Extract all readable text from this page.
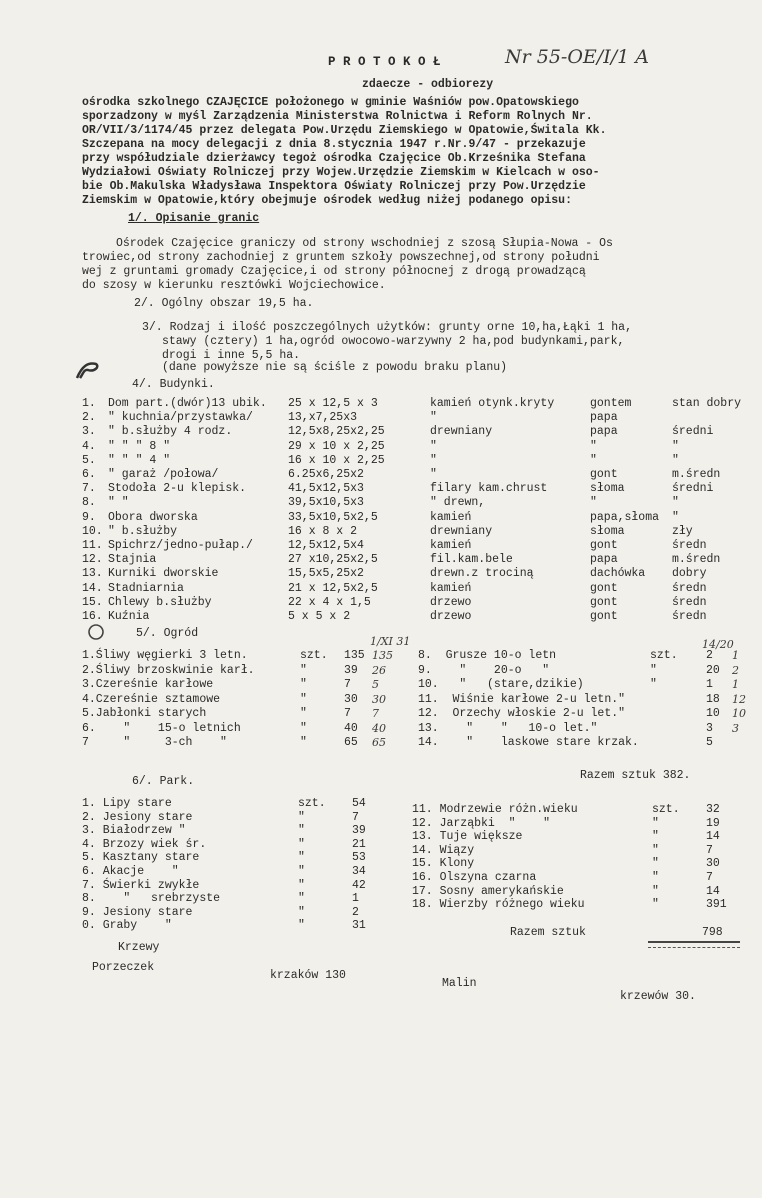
P R O T O K O Ł	Nr 55-OE/I/1 A
zdaecze - odbiorezy
ośrodka szkolnego CZAJĘCICE położonego w gminie Waśniów pow.Opatowskiego
sporzadzony w myśl Zarządzenia Ministerstwa Rolnictwa i Reform Rolnych Nr.
OR/VII/3/1174/45 przez delegata Pow.Urzędu Ziemskiego w Opatowie,Świtala Kk.
Szczepana na mocy delegacji z dnia 8.stycznia 1947 r.Nr.9/47 - przekazuje
przy współudziale dzierżawcy tegoż ośrodka Czajęcice Ob.Krześnika Stefana
Wydziałowi Oświaty Rolniczej przy Wojew.Urzędzie Ziemskim w Kielcach w oso-
bie Ob.Makulska Władysława Inspektora Oświaty Rolniczej przy Pow.Urzędzie
Ziemskim w Opatowie,który obejmuje ośrodek według niżej podanego opisu:
1/. Opisanie granic
Ośrodek Czajęcice graniczy od strony wschodniej z szosą Słupia-Nowa - Os
trowiec,od strony zachodniej z gruntem szkoły powszechnej,od strony południ
wej z gruntami gromady Czajęcice,i od strony północnej z drogą prowadzącą
do szosy w kierunku resztówki Wojciechowice.
2/. Ogólny obszar 19,5 ha.
3/. Rodzaj i ilość poszczególnych użytków: grunty orne 10,ha,Łąki 1 ha,
stawy (cztery) 1 ha,ogród owocowo-warzywny 2 ha,pod budynkami,park,
drogi i inne 5,5 ha.
(dane powyższe nie są ściśle z powodu braku planu)
4/. Budynki.
1. Dom part.(dwór)13 ubik. 25 x 12,5 x 3	kamień otynk.kryty	gontem	stan dobry
2. " kuchnia/przystawka/	13,x7,25x3	"	papa
3. " b.służby 4 rodz.	12,5x8,25x2,25	drewniany	papa	średni
4. " " " 8 "	29 x 10 x 2,25	"	"	"
5. " " " 4 "	16 x 10 x 2,25	"	"	"
6. " garaż /połowa/	6.25x6,25x2	"	gont	m.średn
7. Stodoła 2-u klepisk.	41,5x12,5x3	filary kam.chrust	słoma	średni
8. " "	39,5x10,5x3	" drewn,	"	"
9. Obora dworska	33,5x10,5x2,5	kamień	papa,słoma "
10. " b.służby	16 x 8 x 2	drewniany	słoma	zły
11. Spichrz/jedno-pułap./	12,5x12,5x4	kamień	gont	średn
12. Stajnia	27 x10,25x2,5	fil.kam.bele	papa	m.średn
13. Kurniki dworskie	15,5x5,25x2	drewn.z trociną	dachówka dobry
14. Stadniarnia	21 x 12,5x2,5	kamień	gont	średn
15. Chlewy b.służby	22 x 4 x 1,5	drzewo	gont	średn
16. Kuźnia	5 x 5 x 2	drzewo	gont	średn
5/. Ogród
1/XI 31	14/20
1.Śliwy węgierki 3 letn.	szt. 135 135
2.Śliwy brzoskwinie karł.	"	39 26
3.Czereśnie karłowe	"	7 5
4.Czereśnie sztamowe	"	30 30
5.Jabłonki starych	"	7 7
6.    "    15-o letnich	"	40 40
7     "     3-ch    "	"	65 65
8.  Grusze 10-o letn	szt. 2 1
9.    "    20-o   "	"	20 2
10.   "   (stare,dzikie)	"	1 1
11.  Wiśnie karłowe 2-u letn."	18 12
12.  Orzechy włoskie 2-u let."	10 10
13.    "    "   10-o let."	3 3
14.    "    laskowe stare krzak.	5
Razem sztuk 382.
6/. Park.
1. Lipy stare	szt. 54
2. Jesiony stare	"	7
3. Białodrzew "	"	39
4. Brzozy wiek śr.	"	21
5. Kasztany stare	"	53
6. Akacje    "	"	34
7. Świerki zwykłe	"	42
8.    "   srebrzyste	"	1
9. Jesiony stare	"	2
0. Graby    "	"	31
11. Modrzewie różn.wieku	szt. 32
12. Jarząbki  "    "	"	19
13. Tuje większe	"	14
14. Wiązy	"	7
15. Klony	"	30
16. Olszyna czarna	"	7
17. Sosny amerykańskie	"	14
18. Wierzby różnego wieku	"	391
Razem sztuk	798
Krzewy
Porzeczek
krzaków 130
Malin
krzewów 30.
